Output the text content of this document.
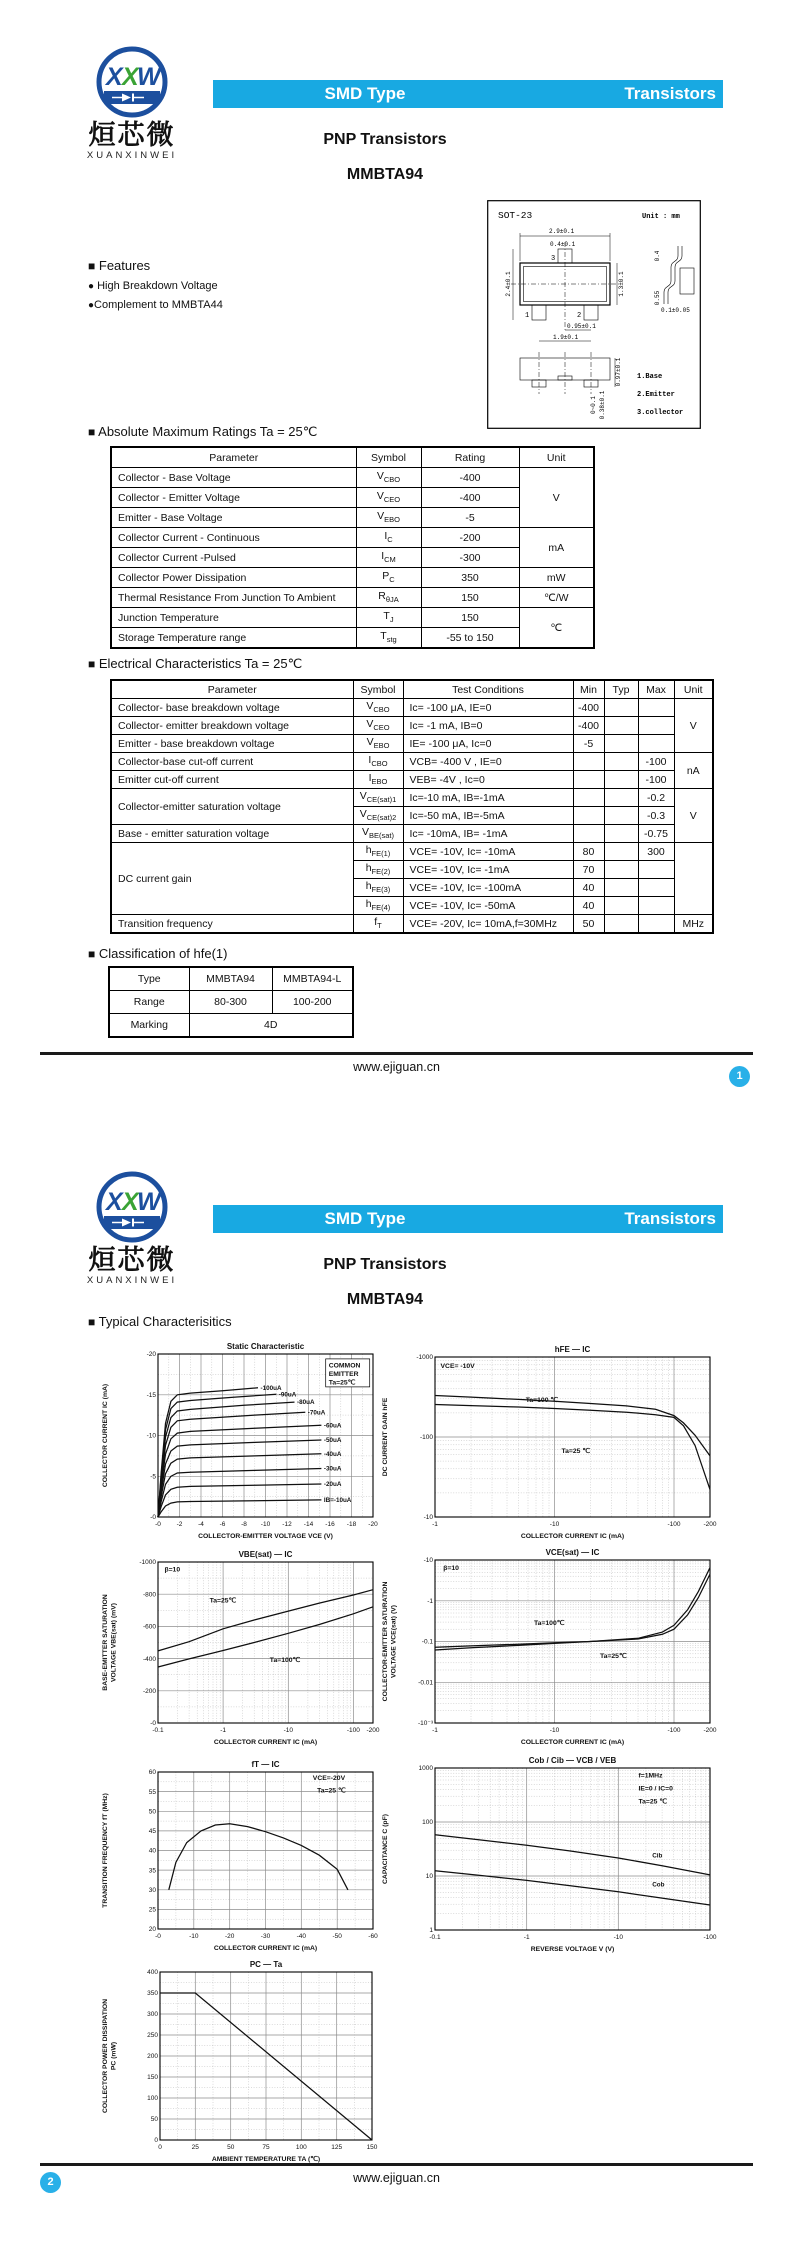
X X
W
烜芯微
XUANXINWEI
SMD Type	Transistors
PNP Transistors
MMBTA94
SOT-23	Unit : mm
3
1	2
2.9±0.1
0.4±0.1
2.4±0.1	1.3±0.1
0.95±0.1
1.9±0.1
0.4
0.55
0.1±0.05
0.97±0.1
0.38±0.1
0~0.1
1.Base
2.Emitter
3.collector
■ Features
● High Breakdown Voltage
●Complement to MMBTA44
■ Absolute Maximum Ratings Ta = 25℃
Parameter	Symbol	Rating	Unit
Collector - Base Voltage	$V_{CBO}$	-400	V
Collector - Emitter Voltage	$V_{CEO}$	-400	
Emitter - Base Voltage	$V_{EBO}$	-5	
Collector Current - Continuous	$I_C$	-200	mA
Collector Current -Pulsed	$I_{CM}$	-300	
Collector Power Dissipation	$P_C$	350	mW
Thermal Resistance From Junction To Ambient	$R_{\theta JA}$	150	℃/W
Junction Temperature	$T_J$	150	℃
Storage Temperature range	$T_{stg}$	-55 to 150	
■ Electrical Characteristics Ta = 25℃
Parameter	Symbol	Test Conditions	Min	Typ	Max	Unit
Collector- base breakdown voltage	$V_{CBO}$	Ic= -100 μA, IE=0	-400			V
Collector- emitter breakdown voltage	$V_{CEO}$	Ic= -1 mA, IB=0	-400			
Emitter - base breakdown voltage	$V_{EBO}$	IE= -100 μA, Ic=0	-5			
Collector-base cut-off current	$I_{CBO}$	VCB= -400 V , IE=0			-100	nA
Emitter cut-off current	$I_{EBO}$	VEB= -4V , Ic=0			-100	
Collector-emitter saturation voltage	$V_{CE(sat)1}$	Ic=-10 mA, IB=-1mA			-0.2	V
	$V_{CE(sat)2}$	Ic=-50 mA, IB=-5mA			-0.3	
Base - emitter saturation voltage	$V_{BE(sat)}$	Ic= -10mA, IB= -1mA			-0.75	
DC current gain	$h_{FE(1)}$	VCE= -10V, Ic= -10mA	80		300	
	$h_{FE(2)}$	VCE= -10V, Ic= -1mA	70			
	$h_{FE(3)}$	VCE= -10V, Ic= -100mA	40			
	$h_{FE(4)}$	VCE= -10V, Ic= -50mA	40			
Transition frequency	$f_T$	VCE= -20V, Ic= 10mA,f=30MHz	50			MHz
■ Classification of hfe(1)
Type	MMBTA94	MMBTA94-L
Range	80-300	100-200
Marking	4D	
www.ejiguan.cn
1
X X
W
烜芯微
XUANXINWEI
SMD Type	Transistors
PNP Transistors
MMBTA94
■ Typical Characterisitics
-0 -2 -4 -6 -8 -10 -12 -14 -16 -18 -20
-20
-15
-10
-5
-0
-100uA
-90uA
-80uA
-70uA
-60uA
-50uA
-40uA
-30uA
-20uA
IB=-10uA
COMMON
EMITTER
Ta=25℃
Static Characteristic
COLLECTOR-EMITTER VOLTAGE VCE (V)
COLLECTOR CURRENT IC (mA)
-1	-10	-100	-200
-1000
-100
-10
VCE= -10V
Ta=100 ℃
Ta=25 ℃
hFE — IC
COLLECTOR CURRENT IC (mA)
DC CURRENT GAIN hFE
-0.1	-1	-10	-100 -200
-1000
-800
-600
-400
-200
-0
β=10
Ta=25℃
Ta=100℃
VBE(sat) — IC
COLLECTOR CURRENT IC (mA)
BASE-EMITTER SATURATION VOLTAGE VBE(sat) (mV)
-1	-10	-100	-200
-10
-1
-0.1
-0.01
-10⁻³
β=10
Ta=100℃
Ta=25℃
VCE(sat) — IC
COLLECTOR CURRENT IC (mA)
COLLECTOR-EMITTER SATURATION VOLTAGE VCE(sat) (V)
-0	-10	-20	-30	-40	-50	-60
60
55
50
45
40
35
30
25
20
VCE=-20V
Ta=25 ℃
fT — IC
COLLECTOR CURRENT IC (mA)
TRANSITION FREQUENCY fT (MHz)
-0.1	-1	-10	-100
1000
100
10
1
Cib
Cob
f=1MHz
IE=0 / IC=0
Ta=25 ℃
Cob / Cib — VCB / VEB
REVERSE VOLTAGE V (V)
CAPACITANCE C (pF)
0	25	50	75	100	125	150
400
350
300
250
200
150
100
50
0
PC — Ta
AMBIENT TEMPERATURE TA (℃)
COLLECTOR POWER DISSIPATION PC (mW)
www.ejiguan.cn
2
